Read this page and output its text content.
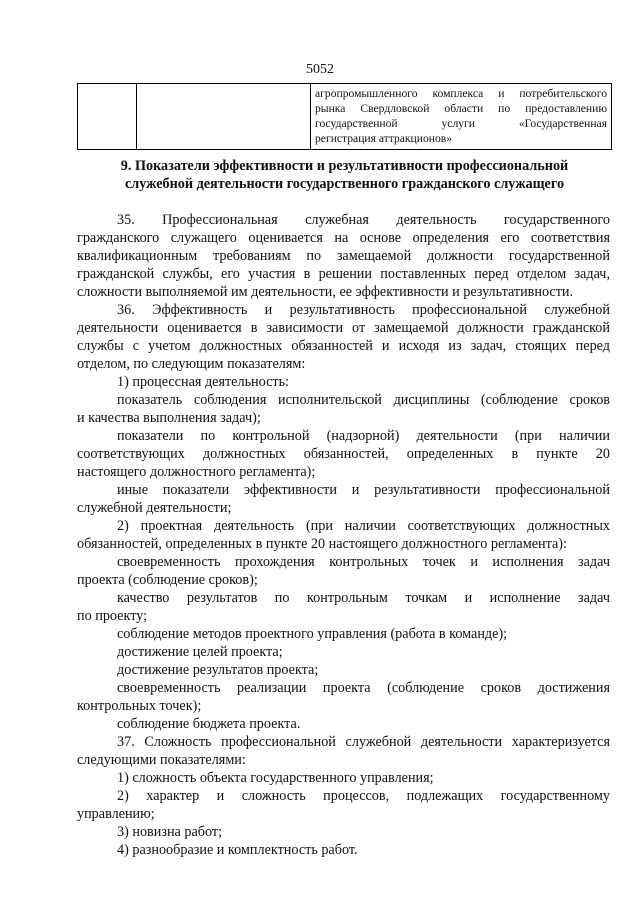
5052

агропромышленного комплекса и потребительского
рынка Свердловской области по предоставлению
государственной услуги «Государственная
регистрация аттракционов»
9. Показатели эффективности и результативности профессиональной
служебной деятельности государственного гражданского служащего
35. Профессиональная служебная деятельность государственного
гражданского служащего оценивается на основе определения его соответствия
квалификационным требованиям по замещаемой должности государственной
гражданской службы, его участия в решении поставленных перед отделом задач,
сложности выполняемой им деятельности, ее эффективности и результативности.
36. Эффективность и результативность профессиональной служебной
деятельности оценивается в зависимости от замещаемой должности гражданской
службы с учетом должностных обязанностей и исходя из задач, стоящих перед
отделом, по следующим показателям:
1) процессная деятельность:
показатель соблюдения исполнительской дисциплины (соблюдение сроков
и качества выполнения задач);
показатели по контрольной (надзорной) деятельности (при наличии
соответствующих должностных обязанностей, определенных в пункте 20
настоящего должностного регламента);
иные показатели эффективности и результативности профессиональной
служебной деятельности;
2) проектная деятельность (при наличии соответствующих должностных
обязанностей, определенных в пункте 20 настоящего должностного регламента):
своевременность прохождения контрольных точек и исполнения задач
проекта (соблюдение сроков);
качество результатов по контрольным точкам и исполнение задач
по проекту;
соблюдение методов проектного управления (работа в команде);
достижение целей проекта;
достижение результатов проекта;
своевременность реализации проекта (соблюдение сроков достижения
контрольных точек);
соблюдение бюджета проекта.
37. Сложность профессиональной служебной деятельности характеризуется
следующими показателями:
1) сложность объекта государственного управления;
2) характер и сложность процессов, подлежащих государственному
управлению;
3) новизна работ;
4) разнообразие и комплектность работ.
